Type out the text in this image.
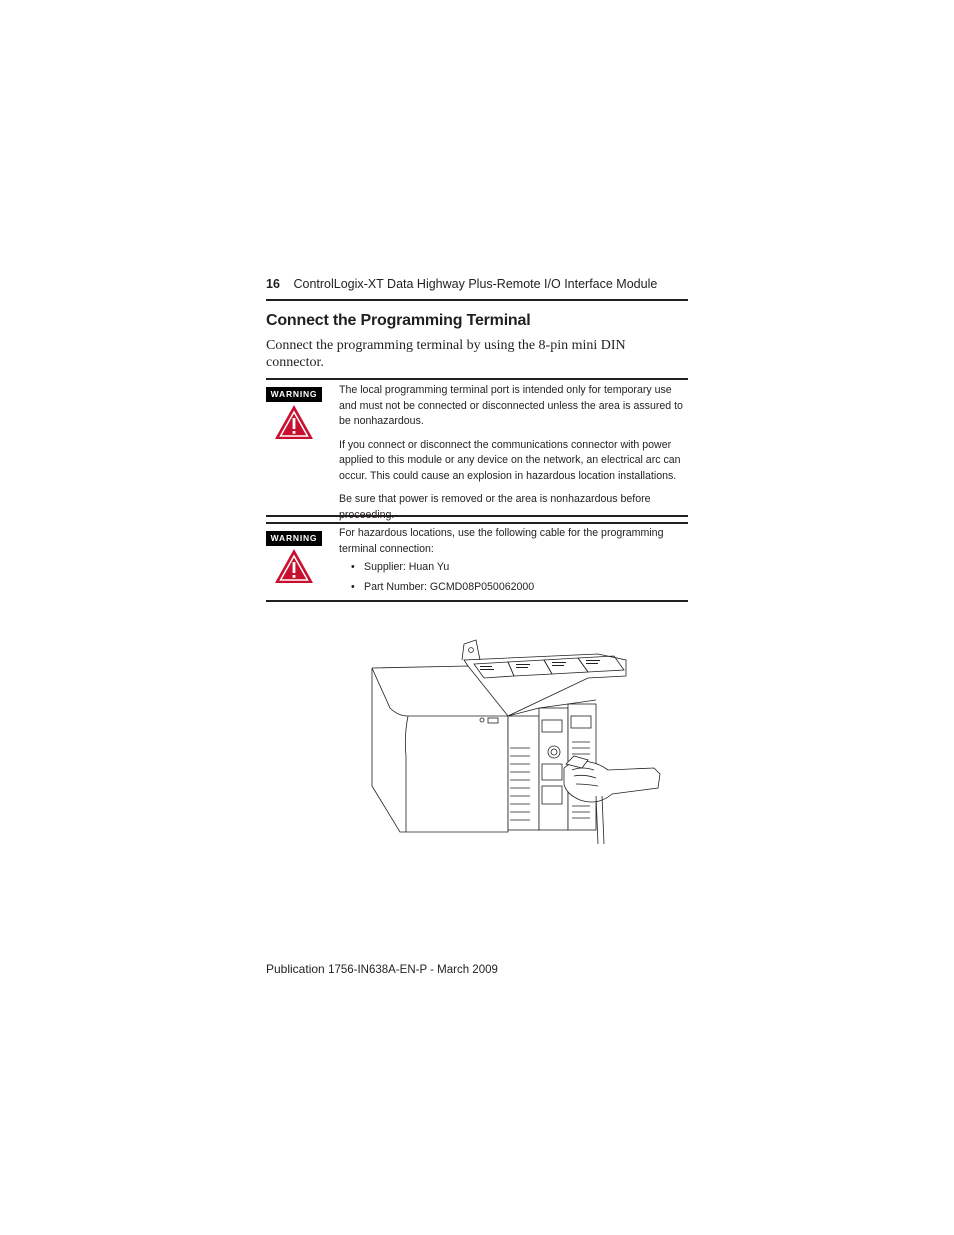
16 ControlLogix-XT Data Highway Plus-Remote I/O Interface Module
Connect the Programming Terminal
Connect the programming terminal by using the 8-pin mini DIN connector.
WARNING	The local programming terminal port is intended only for temporary use and must not be connected or disconnected unless the area is assured to be nonhazardous.

If you connect or disconnect the communications connector with power applied to this module or any device on the network, an electrical arc can occur. This could cause an explosion in hazardous location installations.

Be sure that power is removed or the area is nonhazardous before

WARNING	For hazardous locations, use the following cable for the programming terminal connection:

• Supplier: Huan Yu
• Part Number: GCMD08P050062000
Publication 1756-IN638A-EN-P - March 2009
